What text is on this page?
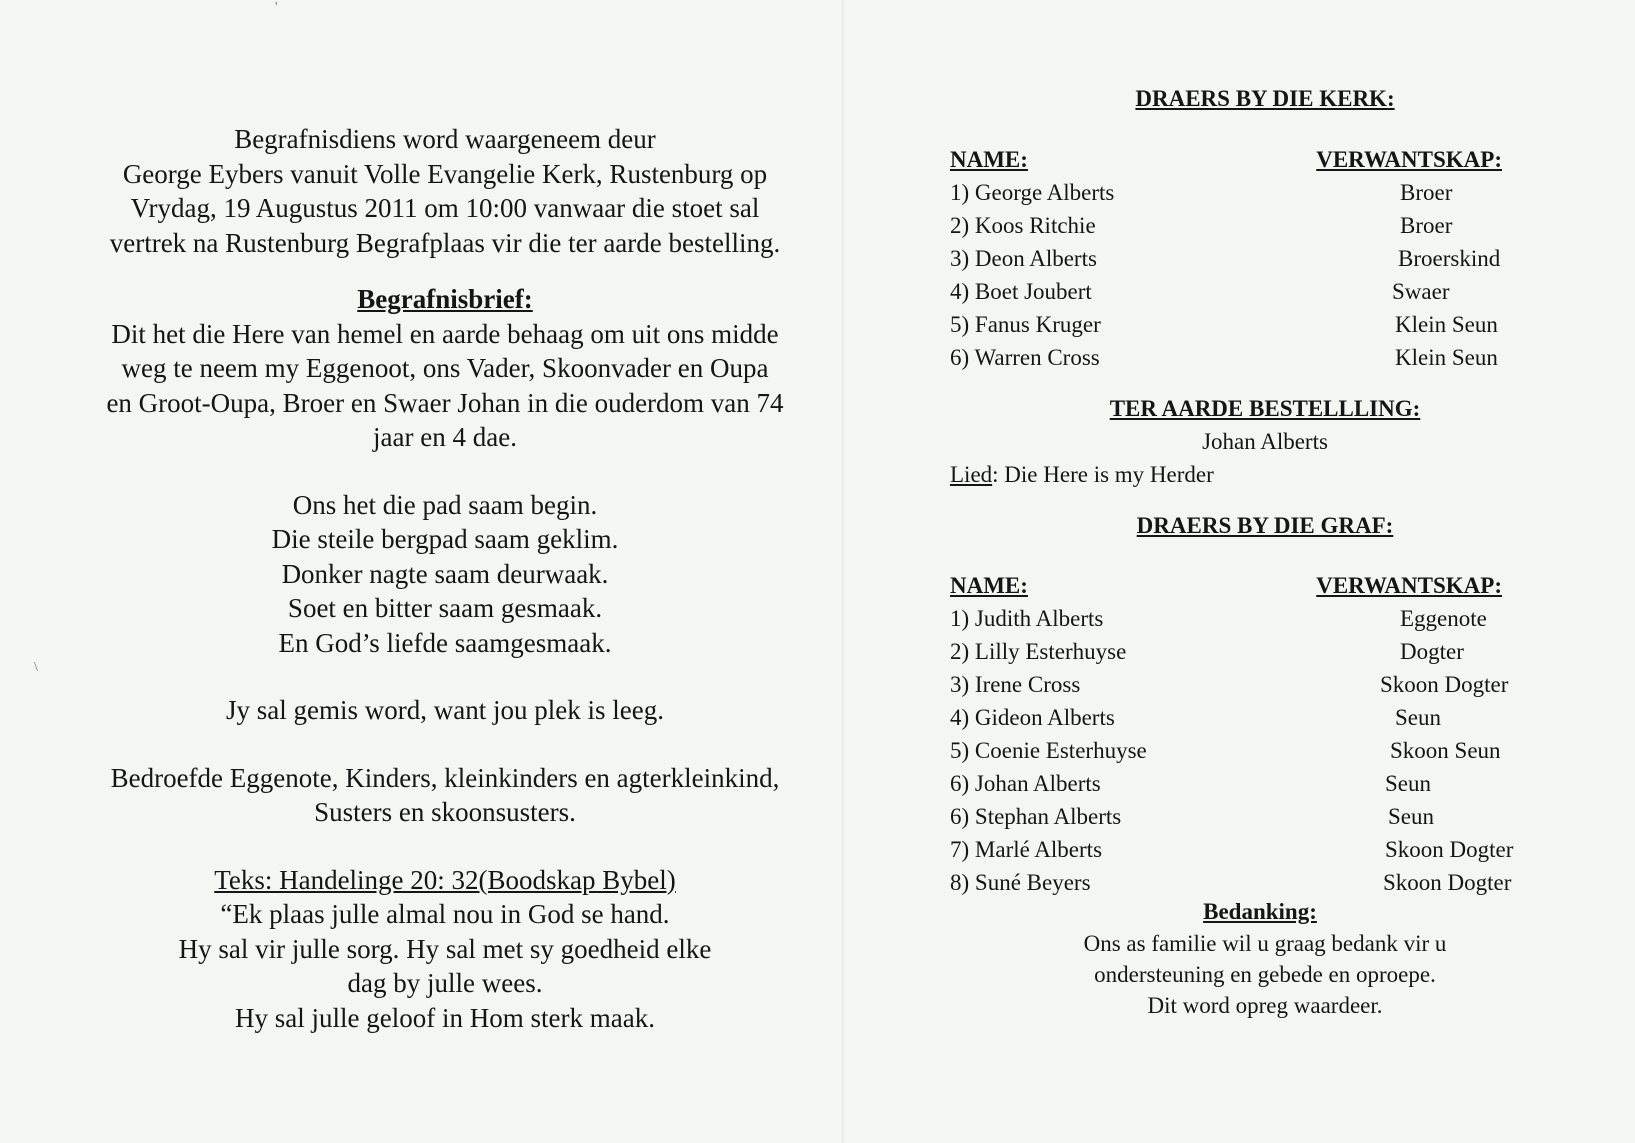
'
\

Begrafnisdiens word waargeneem deur

George Eybers vanuit Volle Evangelie Kerk, Rustenburg op

Vrydag, 19 Augustus 2011 om 10:00 vanwaar die stoet sal

vertrek na Rustenburg Begrafplaas vir die ter aarde bestelling.

Begrafnisbrief:

Dit het die Here van hemel en aarde behaag om uit ons midde

weg te neem my Eggenoot, ons Vader, Skoonvader en Oupa

en Groot-Oupa, Broer en Swaer Johan in die ouderdom van 74

jaar en 4 dae.

Ons het die pad saam begin.

Die steile bergpad saam geklim.

Donker nagte saam deurwaak.

Soet en bitter saam gesmaak.

En God’s liefde saamgesmaak.

Jy sal gemis word, want jou plek is leeg.

Bedroefde Eggenote, Kinders, kleinkinders en agterkleinkind,

Susters en skoonsusters.

Teks: Handelinge 20: 32(Boodskap Bybel)

“Ek plaas julle almal nou in God se hand.

Hy sal vir julle sorg. Hy sal met sy goedheid elke

dag by julle wees.

Hy sal julle geloof in Hom sterk maak.

DRAERS BY DIE KERK:

NAME:	VERWANTSKAP:
1) George Alberts	Broer
2) Koos Ritchie	Broer
3) Deon Alberts	Broerskind
4) Boet Joubert	Swaer
5) Fanus Kruger	Klein Seun
6) Warren Cross	Klein Seun

TER AARDE BESTELLLING:

Johan Alberts

Lied: Die Here is my Herder

DRAERS BY DIE GRAF:

NAME:	VERWANTSKAP:
1) Judith Alberts	Eggenote
2) Lilly Esterhuyse	Dogter
3) Irene Cross	Skoon Dogter
4) Gideon Alberts	Seun
5) Coenie Esterhuyse	Skoon Seun
6) Johan Alberts	Seun
6) Stephan Alberts	Seun
7) Marlé Alberts	Skoon Dogter
8) Suné Beyers	Skoon Dogter

Bedanking:

Ons as familie wil u graag bedank vir u

ondersteuning en gebede en oproepe.

Dit word opreg waardeer.
